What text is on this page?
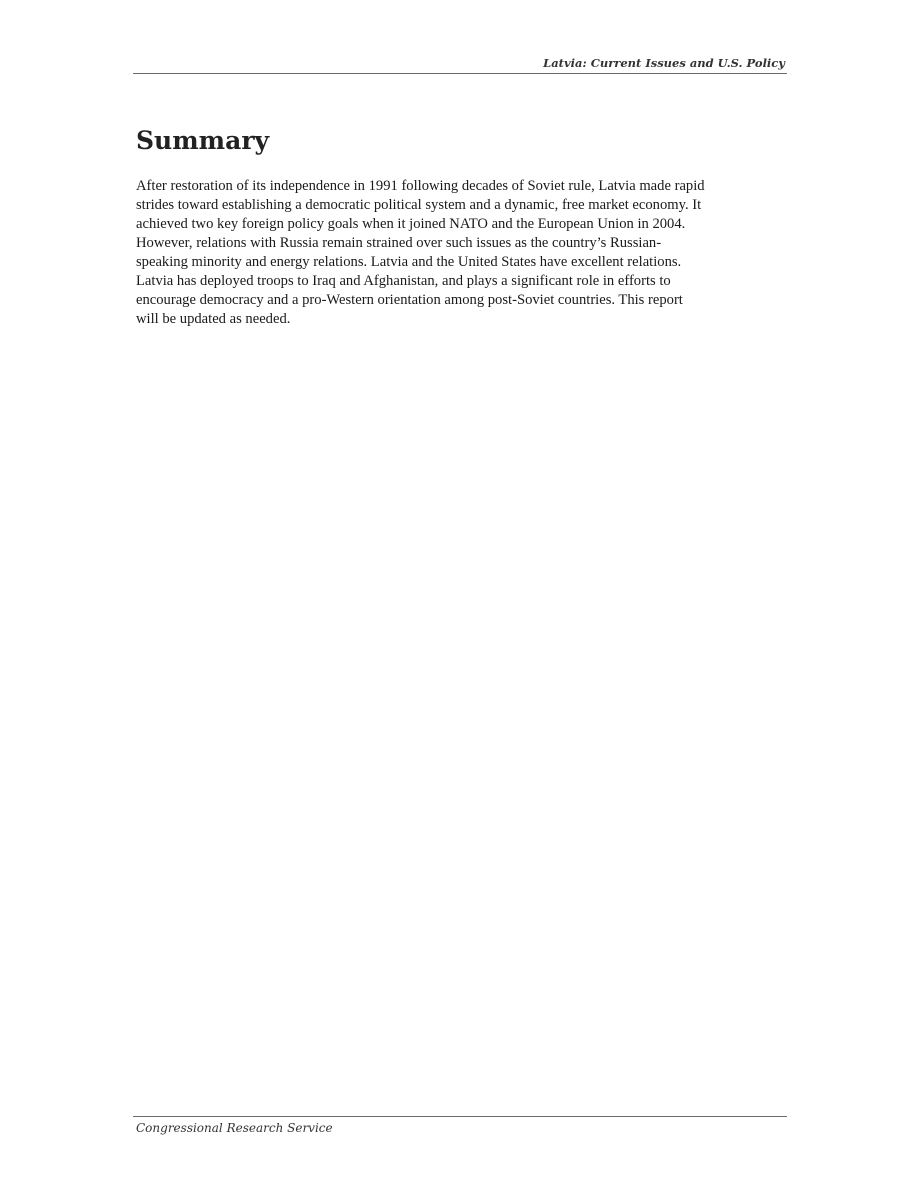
Latvia: Current Issues and U.S. Policy
Summary

After restoration of its independence in 1991 following decades of Soviet rule, Latvia made rapid
strides toward establishing a democratic political system and a dynamic, free market economy. It
achieved two key foreign policy goals when it joined NATO and the European Union in 2004.
However, relations with Russia remain strained over such issues as the country’s Russian-
speaking minority and energy relations. Latvia and the United States have excellent relations.
Latvia has deployed troops to Iraq and Afghanistan, and plays a significant role in efforts to
encourage democracy and a pro-Western orientation among post-Soviet countries. This report
will be updated as needed.

Congressional Research Service
